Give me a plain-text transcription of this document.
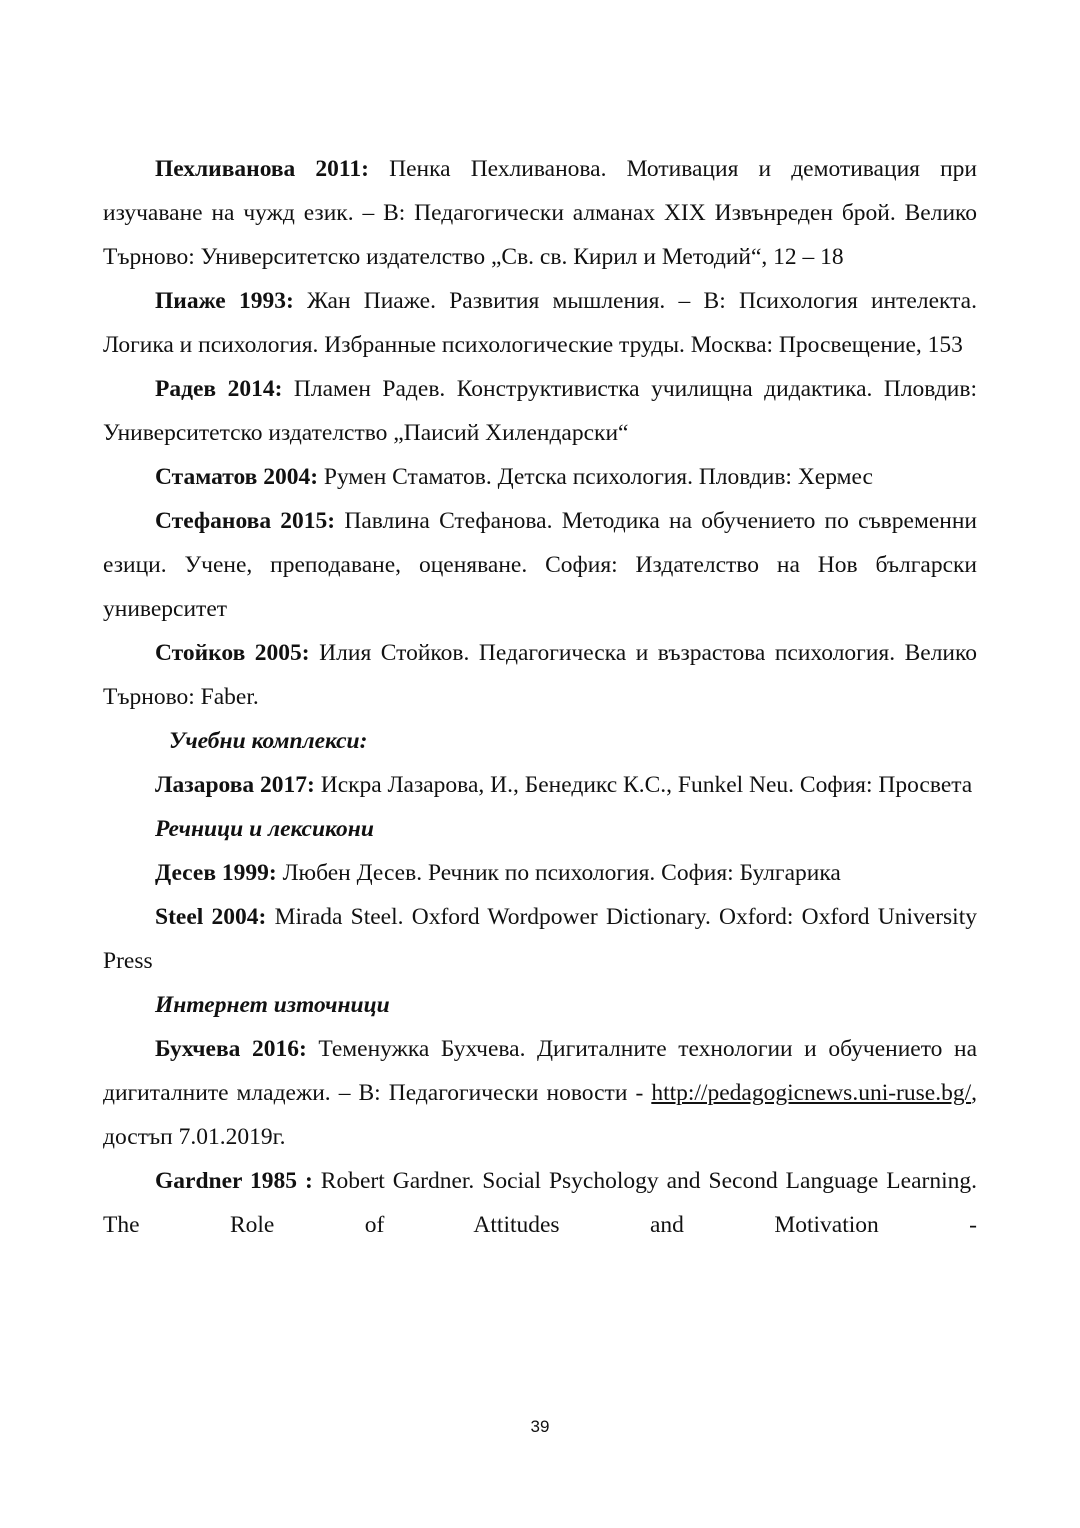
Пехливанова 2011: Пенка Пехливанова. Мотивация и демотивация при изучаване на чужд език. – В: Педагогически алманах XIX Извънреден брой. Велико Търново: Университетско издателство „Св. св. Кирил и Методий“, 12 – 18

Пиаже 1993: Жан Пиаже. Развития мышления. – В: Психология интелекта. Логика и психология. Избранные психологические труды. Москва: Просвещение, 153

Радев 2014: Пламен Радев. Конструктивистка училищна дидактика. Пловдив: Университетско издателство „Паисий Хилендарски“

Стаматов 2004: Румен Стаматов. Детска психология. Пловдив: Хермес

Стефанова 2015: Павлина Стефанова. Методика на обучението по съвременни езици. Учене, преподаване, оценяване. София: Издателство на Нов български университет

Стойков 2005: Илия Стойков. Педагогическа и възрастова психология. Велико Търново: Faber.

Учебни комплекси:

Лазарова 2017: Искра Лазарова, И., Бенедикс К.С., Funkel Neu. София: Просвета

Речници и лексикони

Десев 1999: Любен Десев. Речник по психология. София: Булгарика

Steel 2004: Mirada Steel. Oxford Wordpower Dictionary. Oxford: Oxford University Press

Интернет източници

Бухчева 2016: Теменужка Бухчева. Дигиталните технологии и обучението на дигиталните младежи. – В: Педагогически новости - http://pedagogicnews.uni-ruse.bg/, достъп 7.01.2019г.

Gardner 1985 : Robert Gardner. Social Psychology and Second Language Learning. The Role of Attitudes and Motivation -

39
